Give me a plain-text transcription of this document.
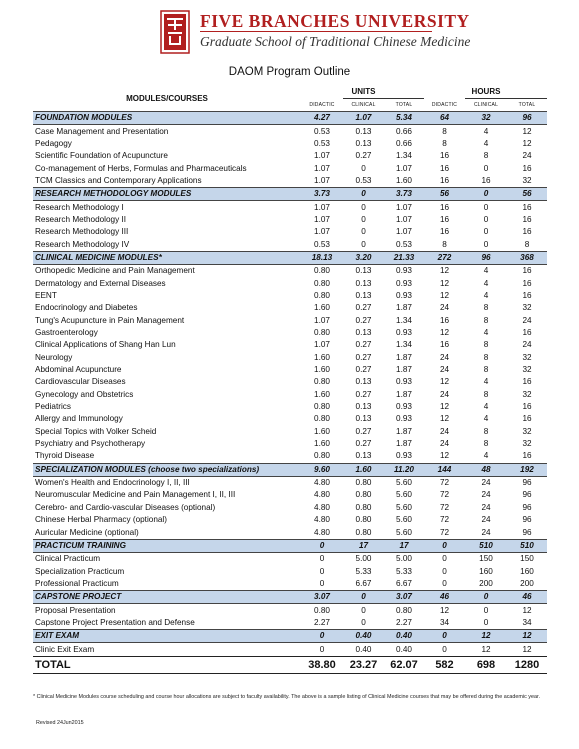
FIVE BRANCHES UNIVERSITY
Graduate School of Traditional Chinese Medicine
DAOM Program Outline
MODULES/COURSES		UNITS			HOURS	
	DIDACTIC	CLINICAL	TOTAL	DIDACTIC	CLINICAL	TOTAL
FOUNDATION MODULES	4.27	1.07	5.34	64	32	96
Case Management and Presentation	0.53	0.13	0.66	8	4	12
Pedagogy	0.53	0.13	0.66	8	4	12
Scientific Foundation of Acupuncture	1.07	0.27	1.34	16	8	24
Co-management of Herbs, Formulas and Pharmaceuticals	1.07	0	1.07	16	0	16
TCM Classics and Contemporary Applications	1.07	0.53	1.60	16	16	32
RESEARCH METHODOLOGY MODULES	3.73	0	3.73	56	0	56
Research Methodology I	1.07	0	1.07	16	0	16
Research Methodology II	1.07	0	1.07	16	0	16
Research Methodology III	1.07	0	1.07	16	0	16
Research Methodology IV	0.53	0	0.53	8	0	8
CLINICAL MEDICINE MODULES*	18.13	3.20	21.33	272	96	368
Orthopedic Medicine and Pain Management	0.80	0.13	0.93	12	4	16
Dermatology and External Diseases	0.80	0.13	0.93	12	4	16
EENT	0.80	0.13	0.93	12	4	16
Endocrinology and Diabetes	1.60	0.27	1.87	24	8	32
Tung's Acupuncture in Pain Management	1.07	0.27	1.34	16	8	24
Gastroenterology	0.80	0.13	0.93	12	4	16
Clinical Applications of Shang Han Lun	1.07	0.27	1.34	16	8	24
Neurology	1.60	0.27	1.87	24	8	32
Abdominal Acupuncture	1.60	0.27	1.87	24	8	32
Cardiovascular Diseases	0.80	0.13	0.93	12	4	16
Gynecology and Obstetrics	1.60	0.27	1.87	24	8	32
Pediatrics	0.80	0.13	0.93	12	4	16
Allergy and Immunology	0.80	0.13	0.93	12	4	16
Special Topics with Volker Scheid	1.60	0.27	1.87	24	8	32
Psychiatry and Psychotherapy	1.60	0.27	1.87	24	8	32
Thyroid Disease	0.80	0.13	0.93	12	4	16
SPECIALIZATION MODULES (choose two specializations)	9.60	1.60	11.20	144	48	192
Women's Health and Endocrinology I, II, III	4.80	0.80	5.60	72	24	96
Neuromuscular Medicine and Pain Management I, II, III	4.80	0.80	5.60	72	24	96
Cerebro- and Cardio-vascular Diseases (optional)	4.80	0.80	5.60	72	24	96
Chinese Herbal Pharmacy (optional)	4.80	0.80	5.60	72	24	96
Auricular Medicine (optional)	4.80	0.80	5.60	72	24	96
PRACTICUM TRAINING	0	17	17	0	510	510
Clinical Practicum	0	5.00	5.00	0	150	150
Specialization Practicum	0	5.33	5.33	0	160	160
Professional Practicum	0	6.67	6.67	0	200	200
CAPSTONE PROJECT	3.07	0	3.07	46	0	46
Proposal Presentation	0.80	0	0.80	12	0	12
Capstone Project Presentation and Defense	2.27	0	2.27	34	0	34
EXIT EXAM	0	0.40	0.40	0	12	12
Clinic Exit Exam	0	0.40	0.40	0	12	12
TOTAL	38.80	23.27	62.07	582	698	1280
* Clinical Medicine Modules course scheduling and course hour allocations are subject to faculty availability. The above is a sample listing of Clinical Medicine courses that may be offered during the academic year.
Revised 24Jun2015
